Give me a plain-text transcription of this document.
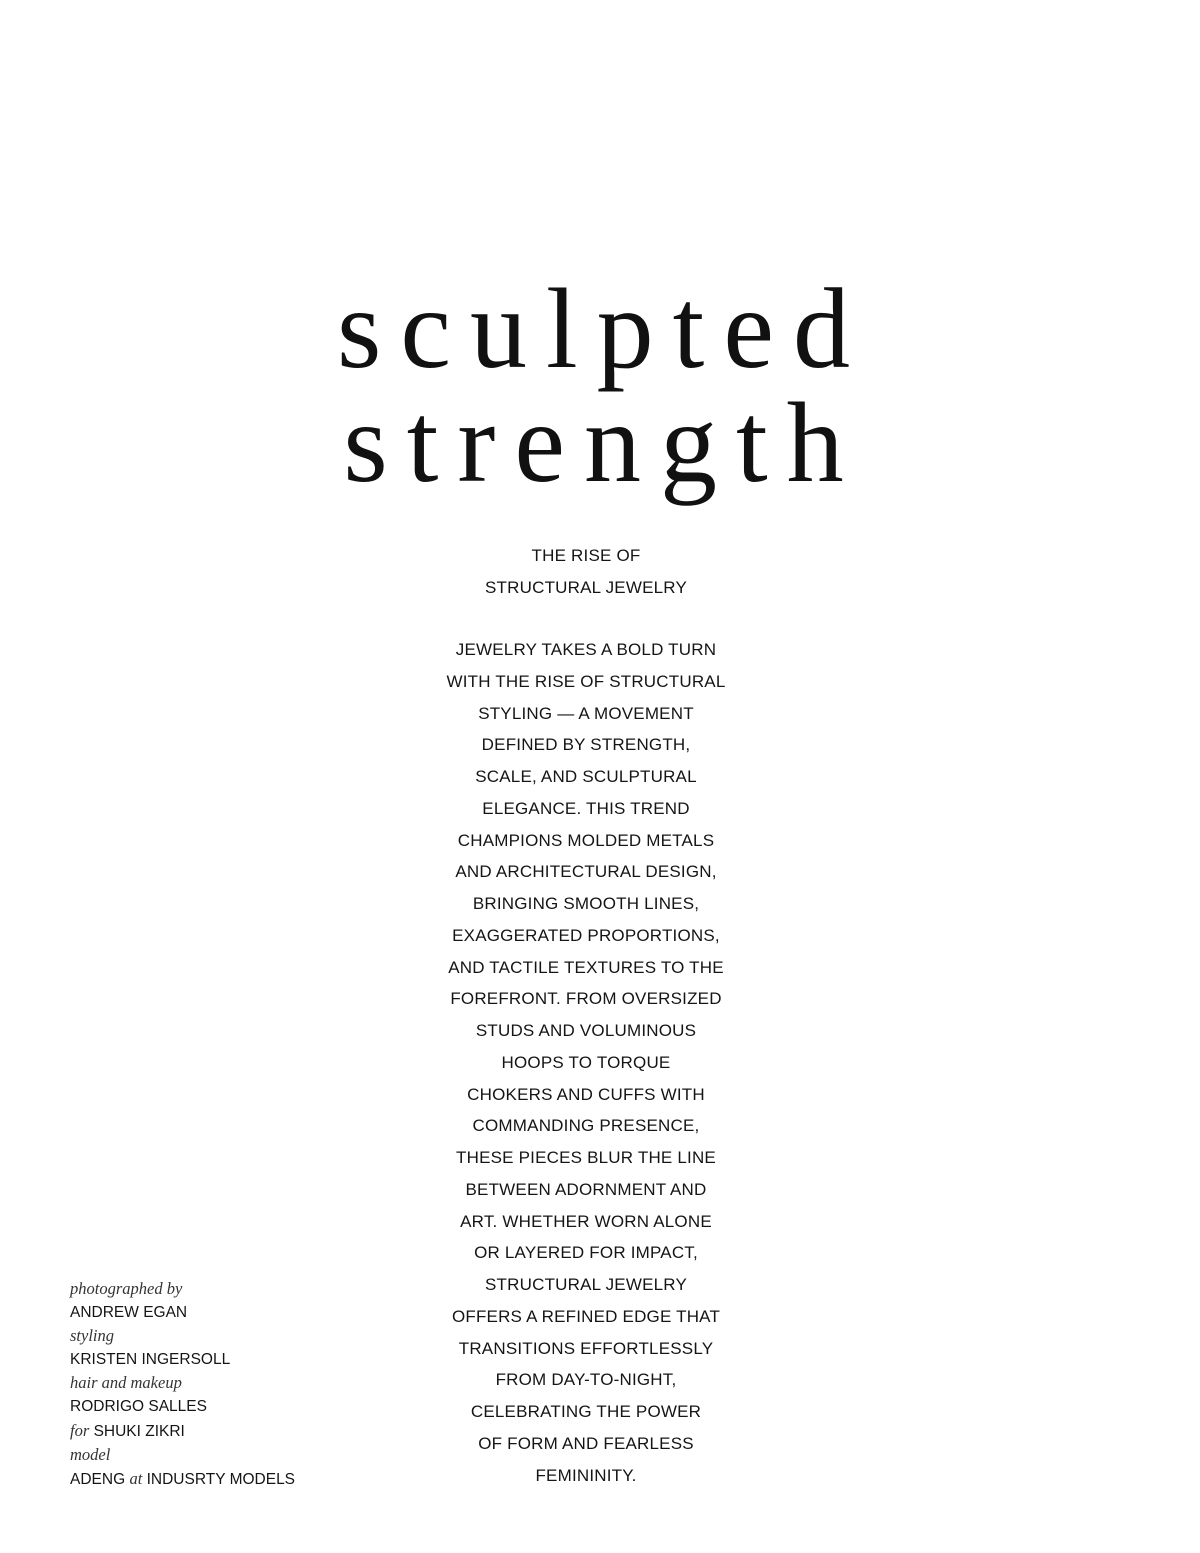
sculpted
strength
THE RISE OF
STRUCTURAL JEWELRY
JEWELRY TAKES A BOLD TURN
WITH THE RISE OF STRUCTURAL
STYLING — A MOVEMENT
DEFINED BY STRENGTH,
SCALE, AND SCULPTURAL
ELEGANCE. THIS TREND
CHAMPIONS MOLDED METALS
AND ARCHITECTURAL DESIGN,
BRINGING SMOOTH LINES,
EXAGGERATED PROPORTIONS,
AND TACTILE TEXTURES TO THE
FOREFRONT. FROM OVERSIZED
STUDS AND VOLUMINOUS
HOOPS TO TORQUE
CHOKERS AND CUFFS WITH
COMMANDING PRESENCE,
THESE PIECES BLUR THE LINE
BETWEEN ADORNMENT AND
ART. WHETHER WORN ALONE
OR LAYERED FOR IMPACT,
STRUCTURAL JEWELRY
OFFERS A REFINED EDGE THAT
TRANSITIONS EFFORTLESSLY
FROM DAY-TO-NIGHT,
CELEBRATING THE POWER
OF FORM AND FEARLESS
FEMININITY.
photographed by
ANDREW EGAN
styling
KRISTEN INGERSOLL
hair and makeup
RODRIGO SALLES
for SHUKI ZIKRI
model
ADENG at INDUSRTY MODELS
